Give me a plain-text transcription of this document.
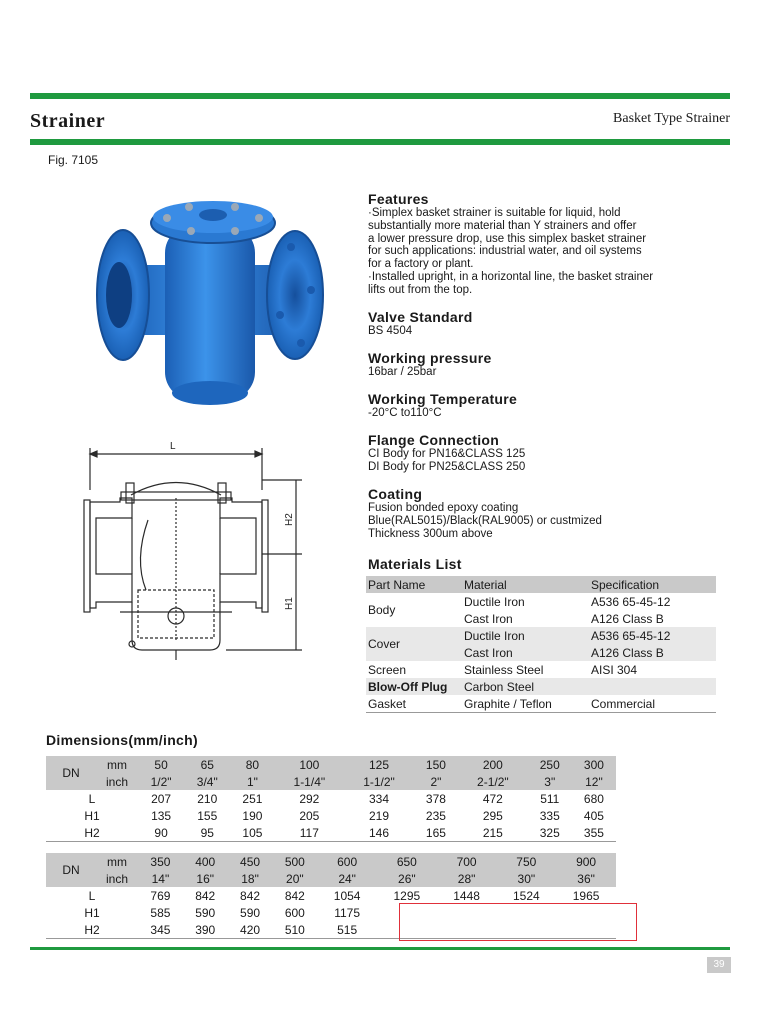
Strainer	Basket Type Strainer
Fig. 7105
L
H2
H1
Features
·Simplex basket strainer is suitable for liquid, hold
substantially more material than Y strainers and offer
a lower pressure drop, use this simplex basket strainer
for such applications: industrial water, and oil systems
for a factory or plant.
·Installed upright, in a horizontal line, the basket strainer
lifts out from the top.
Valve Standard
BS 4504
Working pressure
16bar / 25bar
Working Temperature
-20°C to110°C
Flange Connection
CI Body for PN16&CLASS 125
DI Body for PN25&CLASS 250
Coating
Fusion bonded epoxy coating
Blue(RAL5015)/Black(RAL9005) or custmized
Thickness 300um above
Materials List
Part Name	Material	Specification
Body	Ductile Iron	A536 65-45-12
	Cast Iron	A126 Class B
Cover	Ductile Iron	A536 65-45-12
	Cast Iron	A126 Class B
Screen	Stainless Steel	AISI 304
Blow-Off Plug	Carbon Steel	
Gasket	Graphite / Teflon	Commercial
Dimensions(mm/inch)
DN	mm	50	65	80	100	125	150	200	250	300
	inch	1/2"	3/4"	1"	1-1/4"	1-1/2"	2"	2-1/2"	3"	12"
L		207	210	251	292	334	378	472	511	680
H1		135	155	190	205	219	235	295	335	405
H2		90	95	105	117	146	165	215	325	355
DN	mm	350	400	450	500	600	650	700	750	900
	inch	14"	16"	18"	20"	24"	26"	28"	30"	36"
L		769	842	842	842	1054	1295	1448	1524	1965
H1		585	590	590	600	1175				
H2		345	390	420	510	515				
39
